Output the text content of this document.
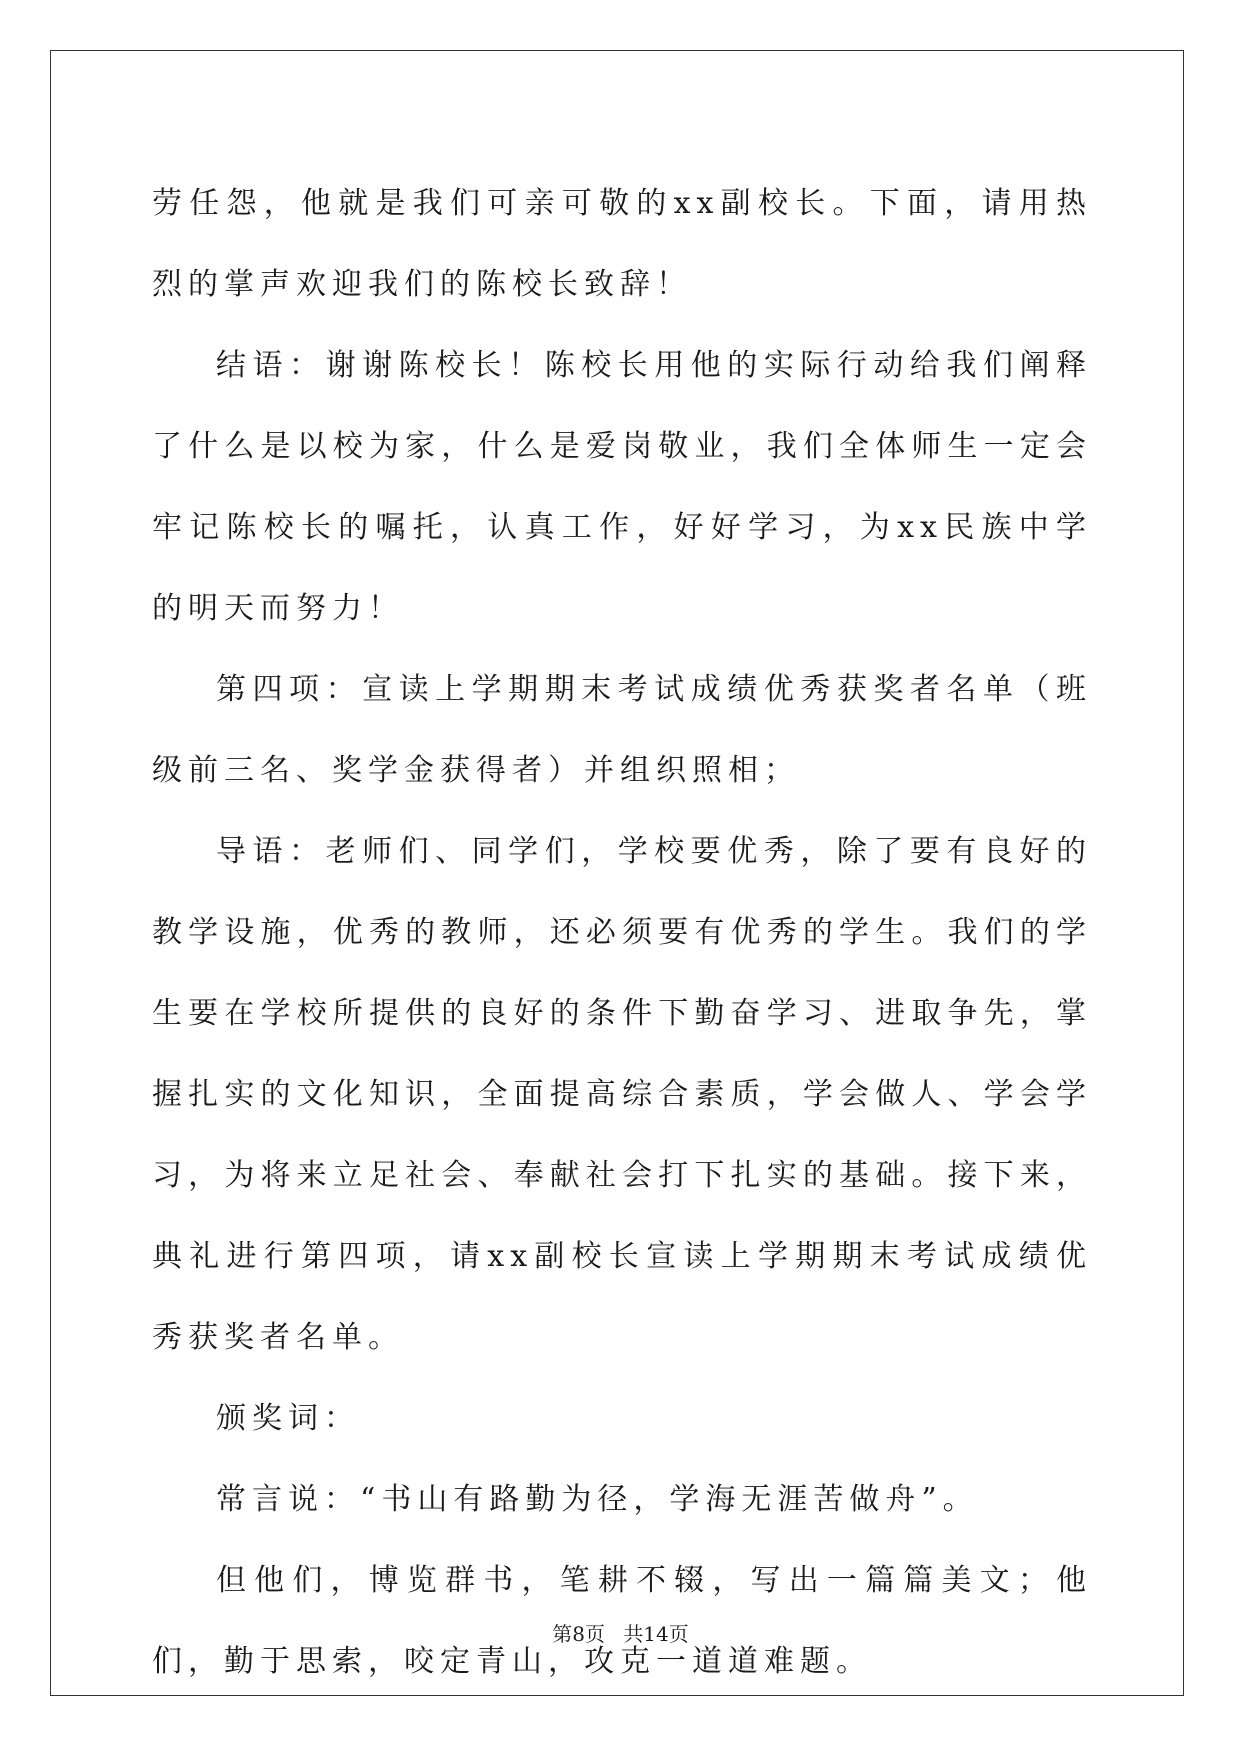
劳任怨，他就是我们可亲可敬的xx副校长。下面，请用热烈的掌声欢迎我们的陈校长致辞！

结语：谢谢陈校长！陈校长用他的实际行动给我们阐释了什么是以校为家，什么是爱岗敬业，我们全体师生一定会牢记陈校长的嘱托，认真工作，好好学习，为xx民族中学的明天而努力！

第四项：宣读上学期期末考试成绩优秀获奖者名单（班级前三名、奖学金获得者）并组织照相；

导语：老师们、同学们，学校要优秀，除了要有良好的教学设施，优秀的教师，还必须要有优秀的学生。我们的学生要在学校所提供的良好的条件下勤奋学习、进取争先，掌握扎实的文化知识，全面提高综合素质，学会做人、学会学习，为将来立足社会、奉献社会打下扎实的基础。接下来，典礼进行第四项，请xx副校长宣读上学期期末考试成绩优秀获奖者名单。

颁奖词：

常言说：“书山有路勤为径，学海无涯苦做舟”。

但他们，博览群书，笔耕不辍，写出一篇篇美文；他们，勤于思索，咬定青山，攻克一道道难题。

第8页 共14页
